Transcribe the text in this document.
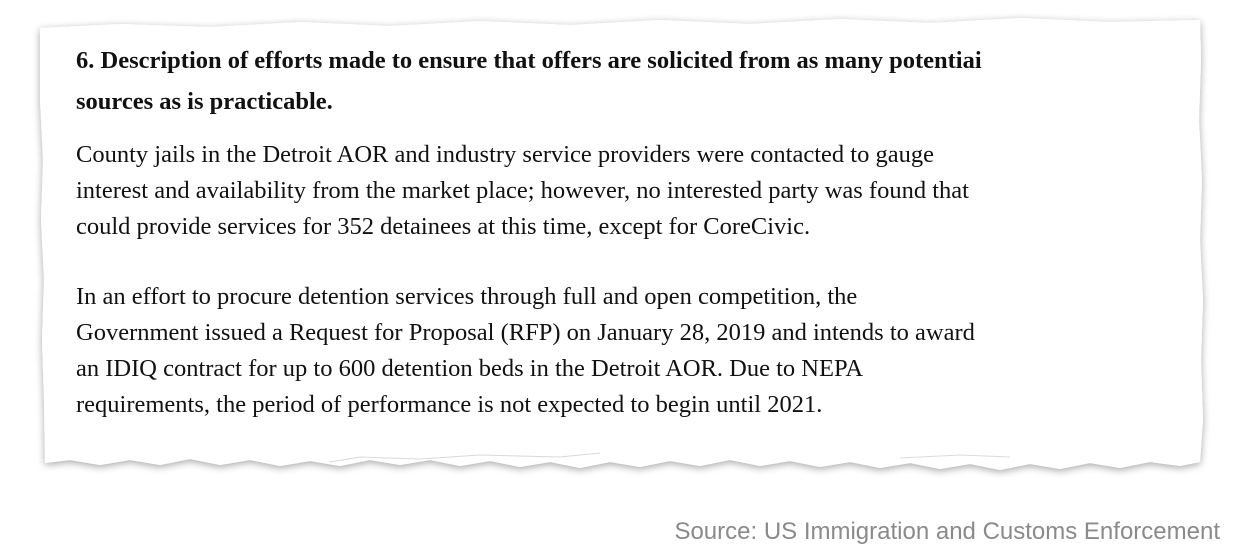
6. Description of efforts made to ensure that offers are solicited from as many potentiai
sources as is practicable.

County jails in the Detroit AOR and industry service providers were contacted to gauge
interest and availability from the market place; however, no interested party was found that
could provide services for 352 detainees at this time, except for CoreCivic.

In an effort to procure detention services through full and open competition, the
Government issued a Request for Proposal (RFP) on January 28, 2019 and intends to award
an IDIQ contract for up to 600 detention beds in the Detroit AOR. Due to NEPA
requirements, the period of performance is not expected to begin until 2021.

Source: US Immigration and Customs Enforcement
